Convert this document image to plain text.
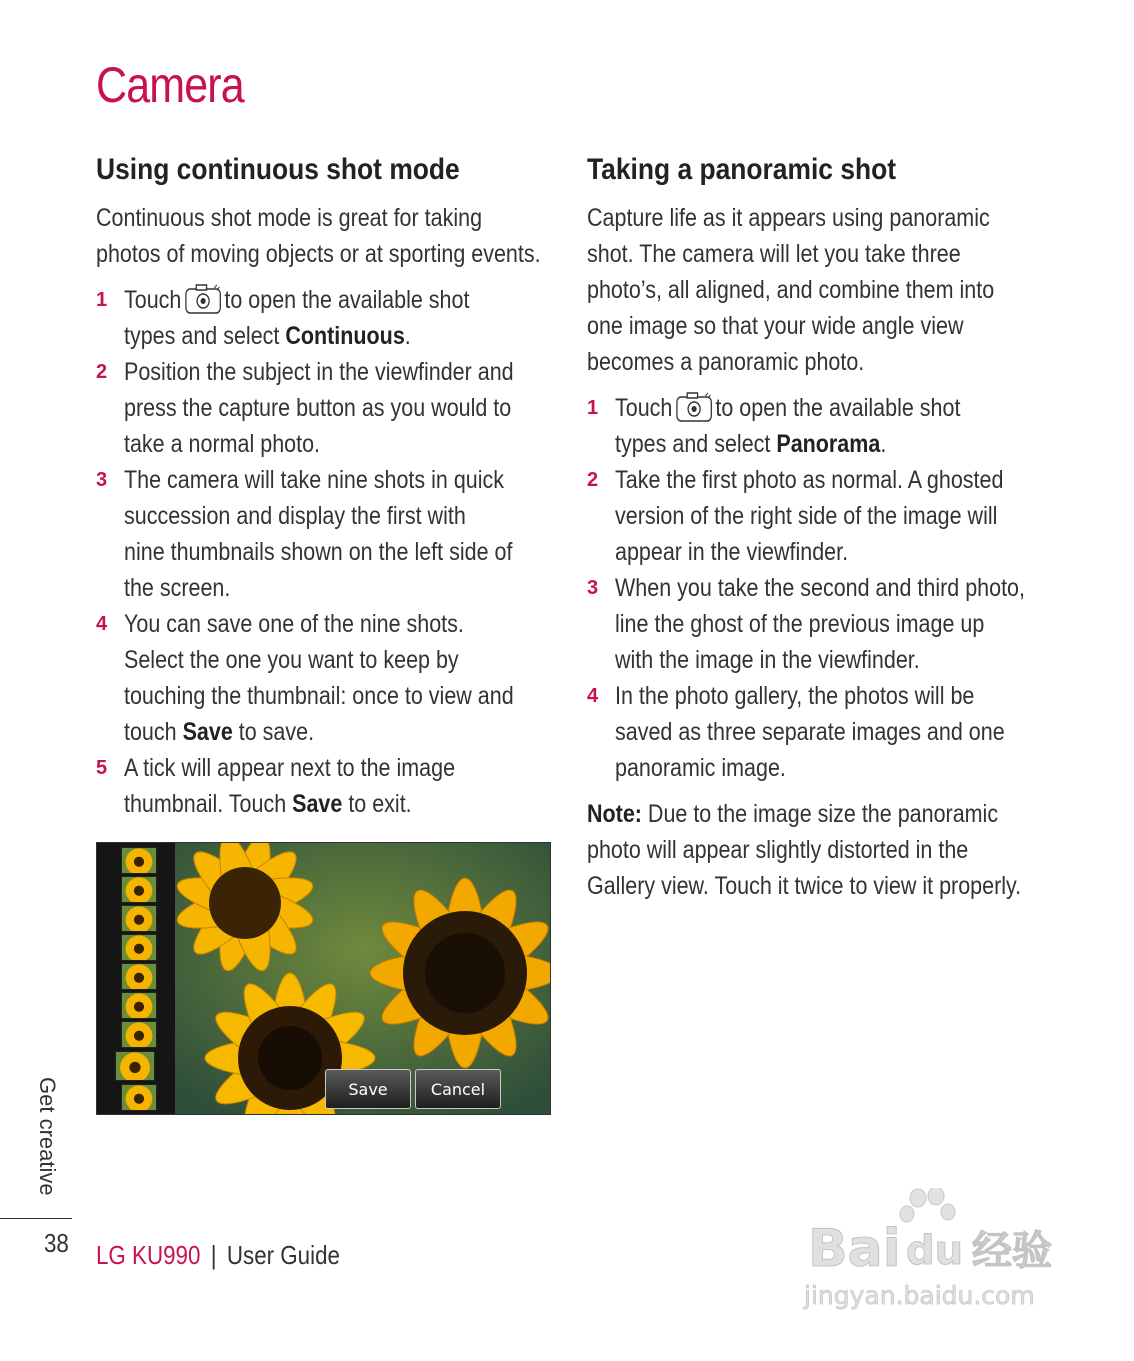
Camera
Using continuous shot mode
Continuous shot mode is great for taking
photos of moving objects or at sporting events.
1 Touch to open the available shot
types and select Continuous.
2 Position the subject in the viewfinder and
press the capture button as you would to
take a normal photo.
3 The camera will take nine shots in quick
succession and display the first with
nine thumbnails shown on the left side of
the screen.
4 You can save one of the nine shots.
Select the one you want to keep by
touching the thumbnail: once to view and
touch Save to save.
5 A tick will appear next to the image
thumbnail. Touch Save to exit.
Save	Cancel
Taking a panoramic shot
Capture life as it appears using panoramic
shot. The camera will let you take three
photo’s, all aligned, and combine them into
one image so that your wide angle view
becomes a panoramic photo.
1 Touch to open the available shot
types and select Panorama.
2 Take the first photo as normal. A ghosted
version of the right side of the image will
appear in the viewfinder.
3 When you take the second and third photo,
line the ghost of the previous image up
with the image in the viewfinder.
4 In the photo gallery, the photos will be
saved as three separate images and one
panoramic image.
Note: Due to the image size the panoramic
photo will appear slightly distorted in the
Gallery view. Touch it twice to view it properly.
Get creative
38 LG KU990 | User Guide	Bai du 经验
jingyan.baidu.com
